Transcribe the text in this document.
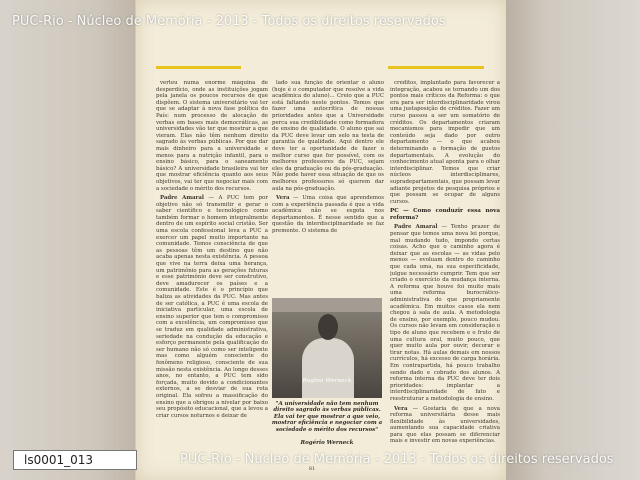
verteu numa enorme máquina de desperdício, onde as instituições jogam pela janela os poucos recursos de que dispõem. O sistema universitário vai ter que se adaptar à nova fase política do País: num processo de alocação de verbas em bases mais democráticas, as universidades vão ter que mostrar a que vieram. Elas não têm nenhum direito sagrado às verbas públicas. Por que dar mais dinheiro para a universidade e menos para a nutrição infantil, para o ensino básico, para o saneamento básico? A universidade brasileira vai ter que mostrar eficiência quanto aos seus objetivos, vai ter que negociar mais com a sociedade o mérito dos recursos.

Padre Amaral — A PUC tem por objetivo não só transmitir e gerar o saber científico e tecnológico como também formar o homem integralmente dentro de um espírito social cristão. Ser uma escola confessional leva a PUC a exercer um papel muito importante na comunidade. Temos consciência de que as pessoas têm um destino que não acaba apenas nesta existência. A pessoa que vive na terra deixa uma herança, um patrimônio para as gerações futuras e esse patrimônio deve ser construtivo, deve amadurecer os países e a comunidade. Este é o princípio que baliza as atividades da PUC. Mas antes de ser católica, a PUC é uma escola de iniciativa particular, uma escola de ensino superior que tem o compromisso com a excelência, um compromisso que se traduz em qualidade administrativa, seriedade na condução da educação e esforço permanente pela qualificação do ser humano não só como ser inteligente mas como alguém consciente do fenômeno religioso, consciente de sua missão nesta existência. Ao longo desses anos, no entanto, a PUC tem sido forçada, muito devido a condicionantes externos, a se desviar de sua rota original. Ela sofreu a massificação do ensino que a obrigou a nivelar por baixo seu propósito educacional, que a levou a criar cursos noturnos e deixar de

lado sua função de orientar o aluno (hoje é o computador que resolve a vida acadêmica do aluno)... Creio que a PUC está faltando neste pontos. Temos que fazer uma autocrítica de nossas prioridades antes que a Universidade perca sua credibilidade como formadora de ensino de qualidade. O aluno que sai da PUC deve levar um selo na testa de garantia de qualidade. Aqui dentro ele deve ter a oportunidade de fazer o melhor curso que for possível, com os melhores professores da PUC, sejam eles da graduação ou da pós-graduação. Não pode haver essa situação de que os melhores professores só querem dar aula na pós-graduação.

Vera — Uma coisa que aprendemos com a experiência passada é que a vida acadêmica não se esgota nos departamentos. É nesse sentido que a questão da interdisciplinaridade se faz premente. O sistema de

Regina Werneck
"A universidade não tem nenhum direito sagrado às verbas públicas. Ela vai ter que mostrar a que veio, mostrar eficiência e negociar com a sociedade o mérito dos recursos"
Rogério Werneck

créditos, implantado para favorecer a integração, acabou se tornando um dos pontos mais críticos da Reforma: o que era para ser interdisciplinaridade virou uma justaposição de créditos. Fazer um curso passou a ser um somatório de créditos. Os departamentos criaram mecanismos para impedir que um conteúdo seja dado por outro departamento — o que acabou determinando a formação de guetos departamentais. A evolução do conhecimento atual aponta para o olhar interdisciplinar. Temos que criar núcleos interdisciplinares, supradepartamentais, que possam levar adiante projetos de pesquisa próprios e que possam se ocupar de alguns cursos.

PC — Como conduzir essa nova reforma?

Padre Amaral — Tenho prazer de pensar que temos uma nova lei porque, mal mudando tudo, impondo certas coisas. Acho que o caminho agora é deixar que as escolas — as vidas pelo menos — evoluam dentro do caminho que cada uma, na sua especificidade, julgue necessário cumprir. Tem que ser criado o exercício da mudança interna. A reforma que houve foi muito mais uma reforma burocrático-administrativa do que propriamente acadêmica. Em muitos casos ela nem chegou à sala de aula. A metodologia de ensino, por exemplo, pouco mudou. Os cursos não levam em consideração o tipo de aluno que recebem e o fruto de uma cultura oral, muito pouco, que quer muito aula por ouvir, decorar e tirar notas. Há aulas demais em nossos currículos, há excesso de carga horária. Em contrapartida, há pouco trabalho sendo dado e cobrado dos alunos. A reforma interna da PUC deve ter dois prioridades: implantar a interdisciplinaridade de fato e reestruturar a metodologia de ensino.

Vera — Gostaria de que a nova reforma universitária desse mais flexibilidade às universidades, aumentando sua capacidade criativa para que elas possam se diferenciar mais e investir em novas experiências.

81
PUC-Rio - Núcleo de Memória - 2013 - Todos os direitos reservados
PUC-Rio - Núcleo de Memória - 2013 - Todos os direitos reservados
ls0001_013
